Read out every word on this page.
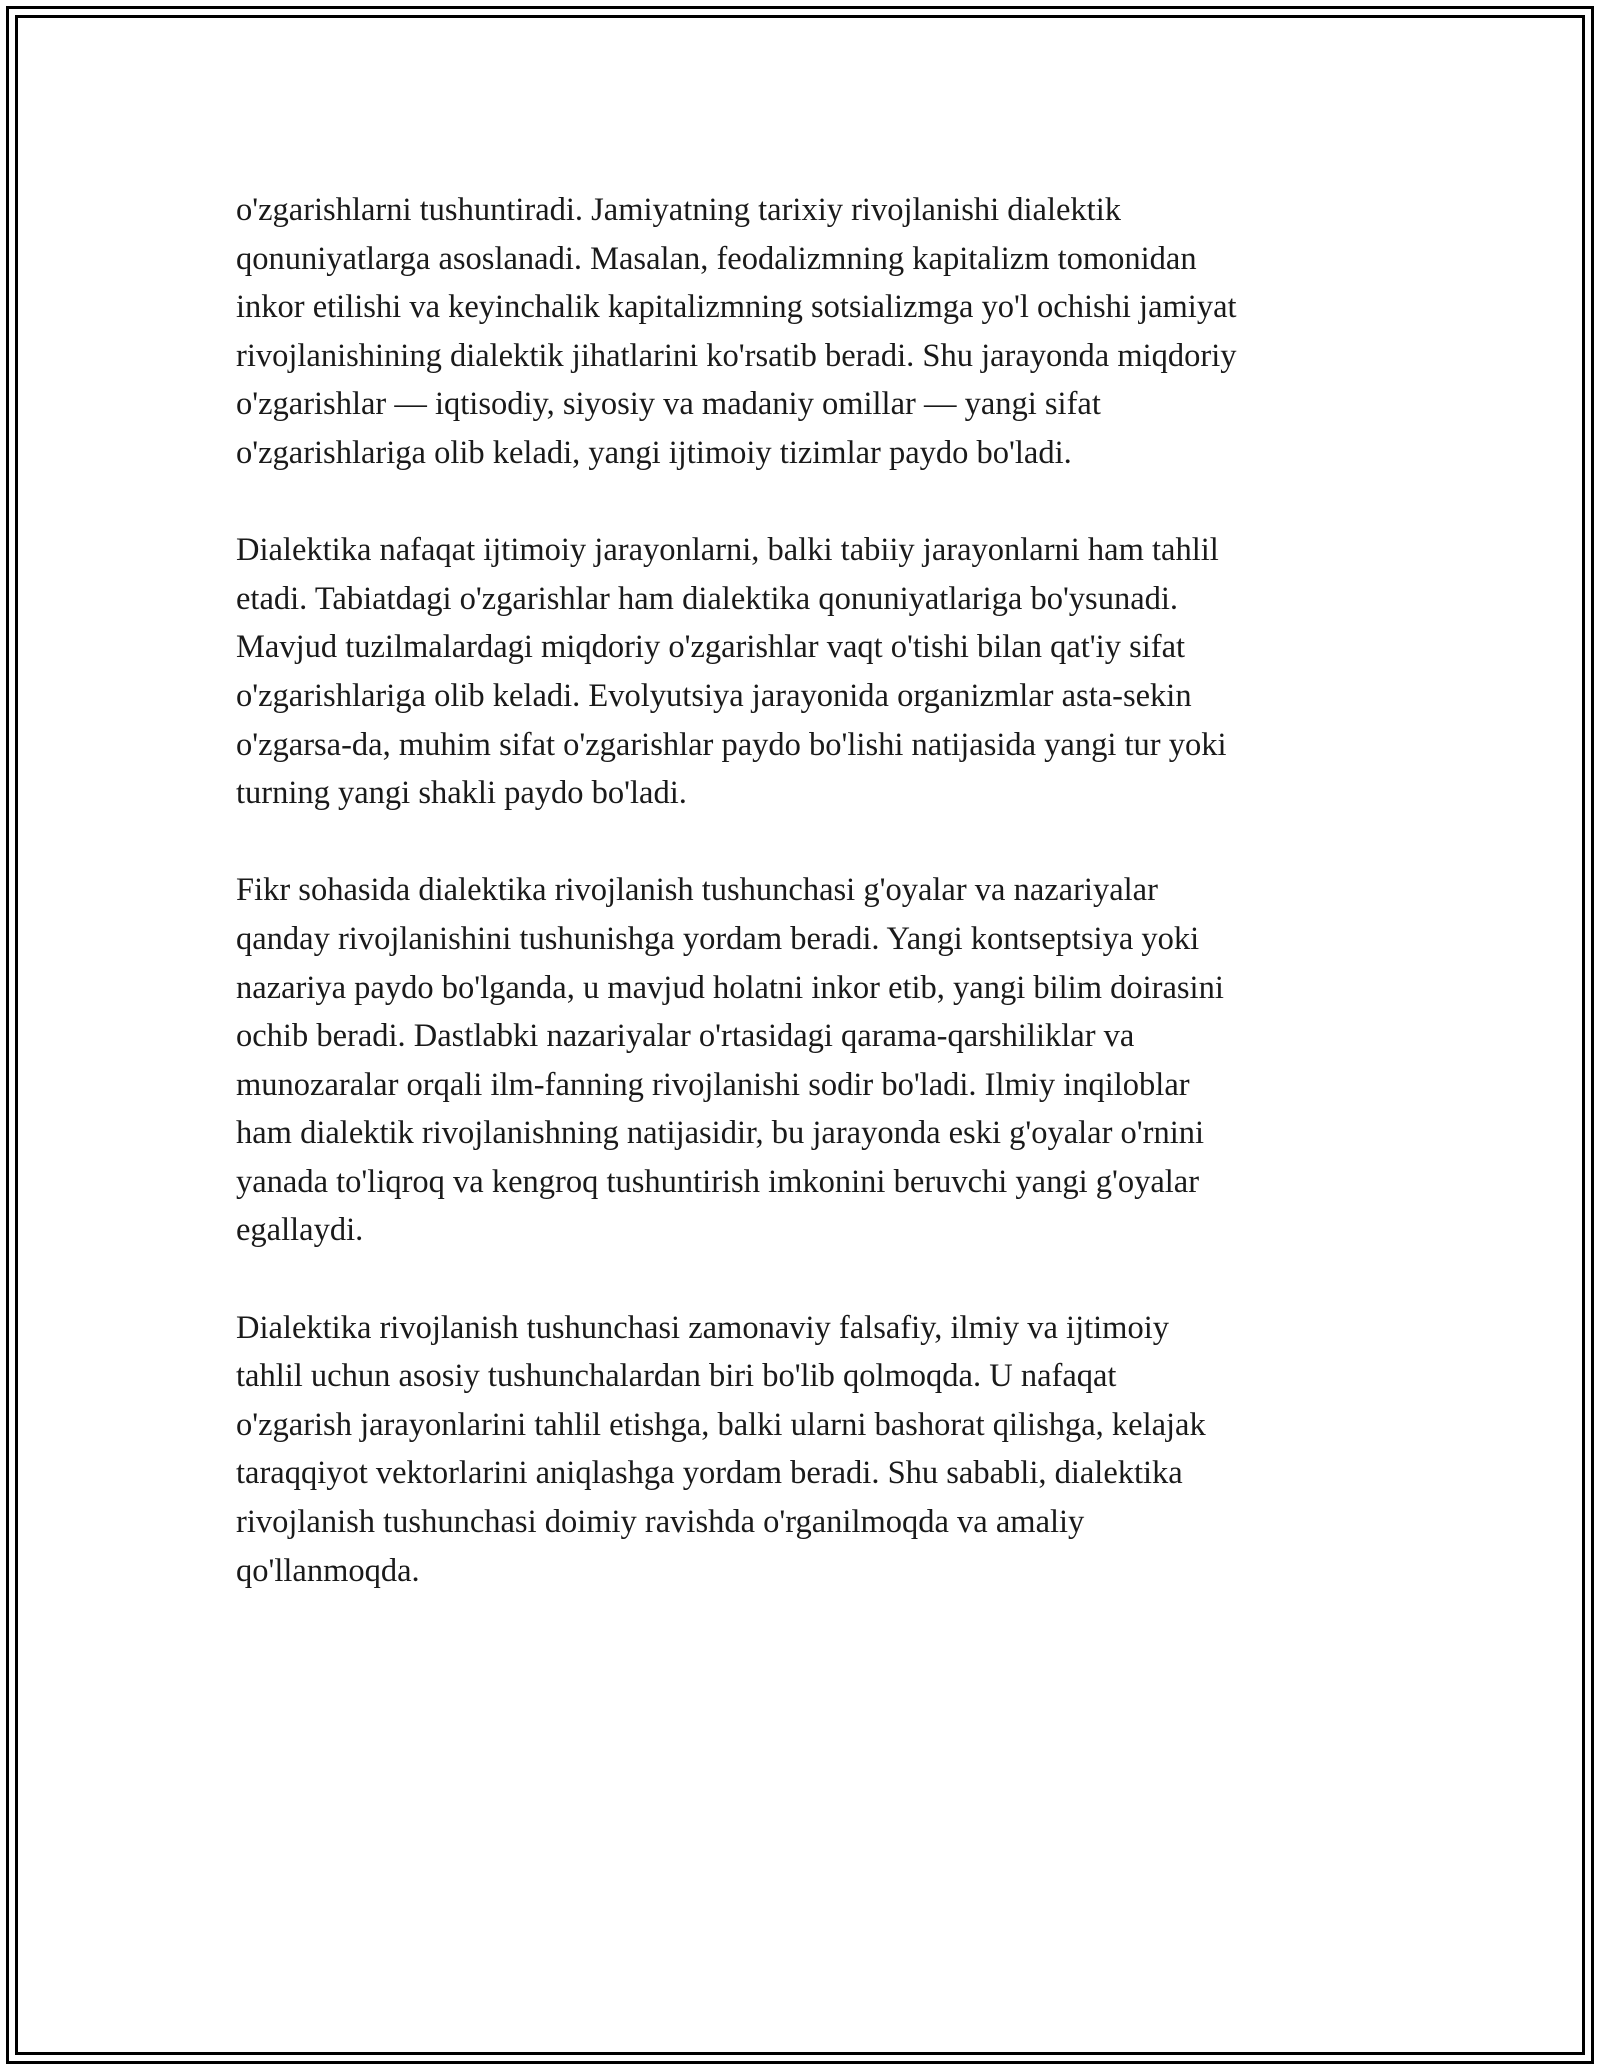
o'zgarishlarni tushuntiradi. Jamiyatning tarixiy rivojlanishi dialektik
qonuniyatlarga asoslanadi. Masalan, feodalizmning kapitalizm tomonidan
inkor etilishi va keyinchalik kapitalizmning sotsializmga yo'l ochishi jamiyat
rivojlanishining dialektik jihatlarini ko'rsatib beradi. Shu jarayonda miqdoriy
o'zgarishlar — iqtisodiy, siyosiy va madaniy omillar — yangi sifat
o'zgarishlariga olib keladi, yangi ijtimoiy tizimlar paydo bo'ladi.

Dialektika nafaqat ijtimoiy jarayonlarni, balki tabiiy jarayonlarni ham tahlil
etadi. Tabiatdagi o'zgarishlar ham dialektika qonuniyatlariga bo'ysunadi.
Mavjud tuzilmalardagi miqdoriy o'zgarishlar vaqt o'tishi bilan qat'iy sifat
o'zgarishlariga olib keladi. Evolyutsiya jarayonida organizmlar asta-sekin
o'zgarsa-da, muhim sifat o'zgarishlar paydo bo'lishi natijasida yangi tur yoki
turning yangi shakli paydo bo'ladi.

Fikr sohasida dialektika rivojlanish tushunchasi g'oyalar va nazariyalar
qanday rivojlanishini tushunishga yordam beradi. Yangi kontseptsiya yoki
nazariya paydo bo'lganda, u mavjud holatni inkor etib, yangi bilim doirasini
ochib beradi. Dastlabki nazariyalar o'rtasidagi qarama-qarshiliklar va
munozaralar orqali ilm-fanning rivojlanishi sodir bo'ladi. Ilmiy inqiloblar
ham dialektik rivojlanishning natijasidir, bu jarayonda eski g'oyalar o'rnini
yanada to'liqroq va kengroq tushuntirish imkonini beruvchi yangi g'oyalar
egallaydi.

Dialektika rivojlanish tushunchasi zamonaviy falsafiy, ilmiy va ijtimoiy
tahlil uchun asosiy tushunchalardan biri bo'lib qolmoqda. U nafaqat
o'zgarish jarayonlarini tahlil etishga, balki ularni bashorat qilishga, kelajak
taraqqiyot vektorlarini aniqlashga yordam beradi. Shu sababli, dialektika
rivojlanish tushunchasi doimiy ravishda o'rganilmoqda va amaliy
qo'llanmoqda.
